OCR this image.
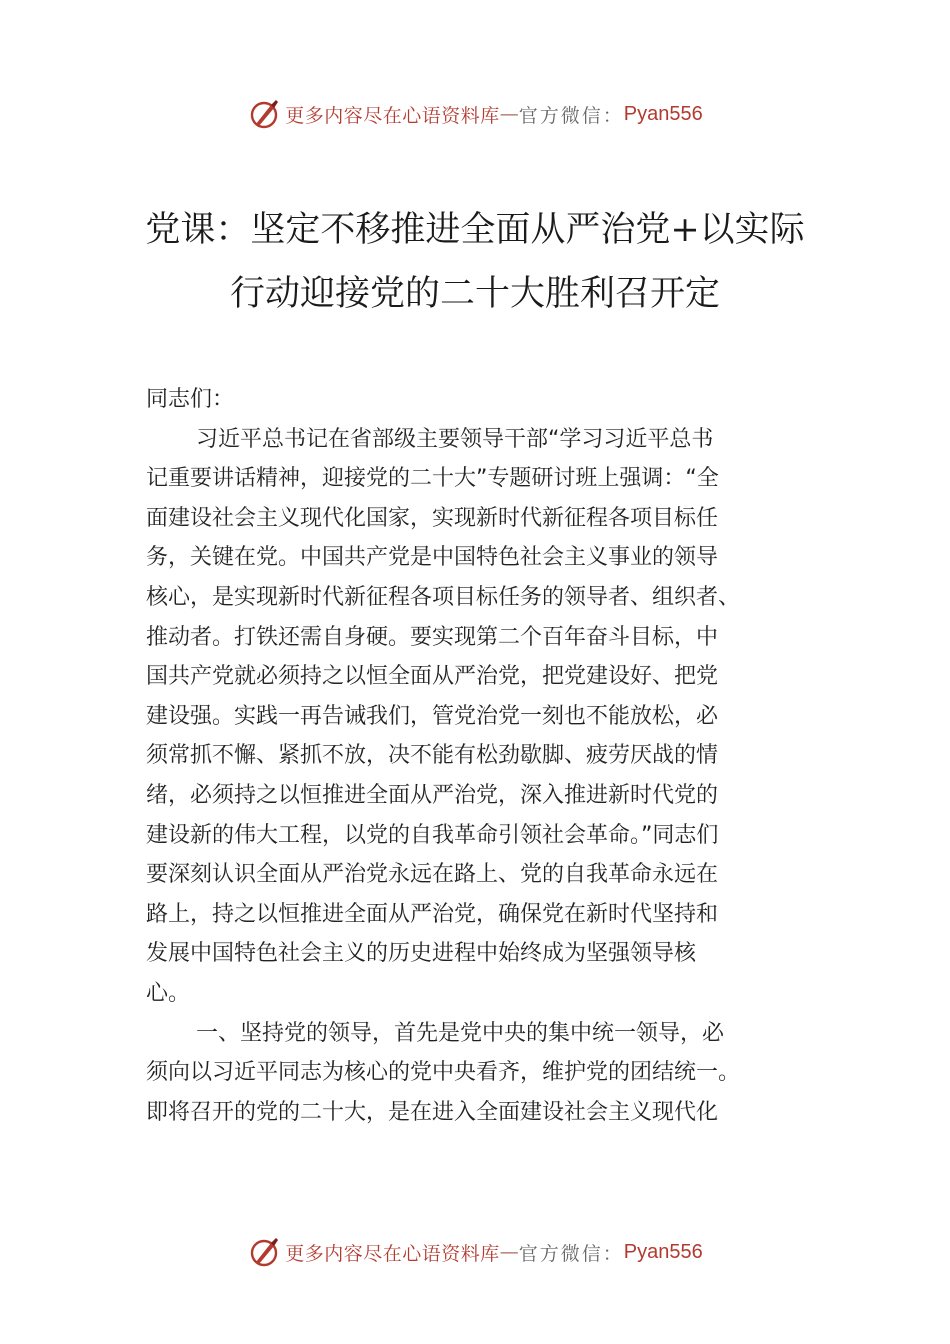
更多内容尽在心语资料库 — 官方微信： Pyan556
党课：坚定不移推进全面从严治党+以实际
行动迎接党的二十大胜利召开定

同志们：

习近平总书记在省部级主要领导干部“学习习近平总书
记重要讲话精神，迎接党的二十大”专题研讨班上强调：“全
面建设社会主义现代化国家，实现新时代新征程各项目标任
务，关键在党。中国共产党是中国特色社会主义事业的领导
核心，是实现新时代新征程各项目标任务的领导者、组织者、
推动者。打铁还需自身硬。要实现第二个百年奋斗目标，中
国共产党就必须持之以恒全面从严治党，把党建设好、把党
建设强。实践一再告诫我们，管党治党一刻也不能放松，必
须常抓不懈、紧抓不放，决不能有松劲歇脚、疲劳厌战的情
绪，必须持之以恒推进全面从严治党，深入推进新时代党的
建设新的伟大工程，以党的自我革命引领社会革命。”同志们
要深刻认识全面从严治党永远在路上、党的自我革命永远在
路上，持之以恒推进全面从严治党，确保党在新时代坚持和
发展中国特色社会主义的历史进程中始终成为坚强领导核
心。

一、坚持党的领导，首先是党中央的集中统一领导，必
须向以习近平同志为核心的党中央看齐，维护党的团结统一。
即将召开的党的二十大，是在进入全面建设社会主义现代化

更多内容尽在心语资料库 — 官方微信： Pyan556
